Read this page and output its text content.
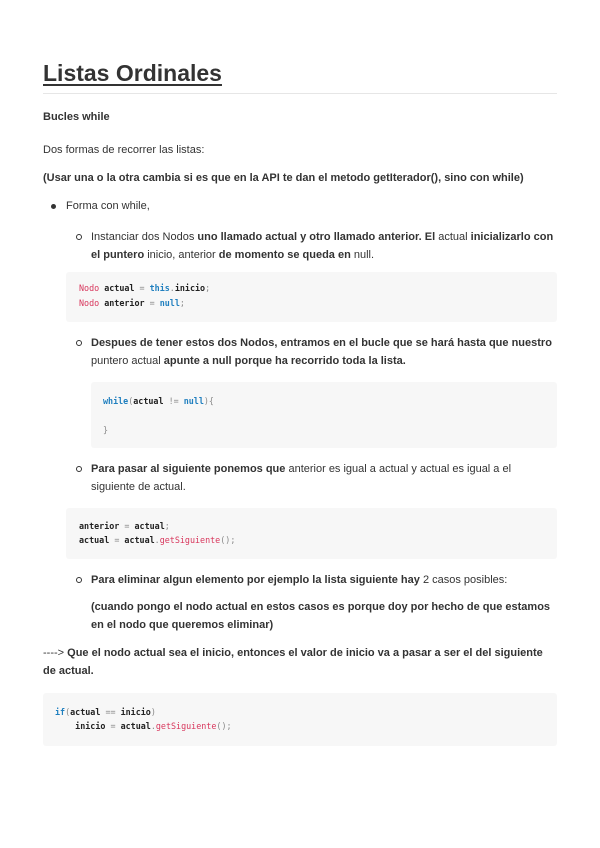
Listas Ordinales
Bucles while

Dos formas de recorrer las listas:

(Usar una o la otra cambia si es que en la API te dan el metodo getIterador(), sino con while)

Forma con while,

Instanciar dos Nodos uno llamado actual y otro llamado anterior. El actual inicializarlo con el puntero inicio, anterior de momento se queda en null.

Nodo actual = this.inicio;
Nodo anterior = null;

Despues de tener estos dos Nodos, entramos en el bucle que se hará hasta que nuestro puntero actual apunte a null porque ha recorrido toda la lista.

while(actual != null){

}

Para pasar al siguiente ponemos que anterior es igual a actual y actual es igual a el siguiente de actual.

anterior = actual;
actual = actual.getSiguiente();

Para eliminar algun elemento por ejemplo la lista siguiente hay 2 casos posibles:

(cuando pongo el nodo actual en estos casos es porque doy por hecho de que estamos en el nodo que queremos eliminar)

----> Que el nodo actual sea el inicio, entonces el valor de inicio va a pasar a ser el del siguiente de actual.

if(actual == inicio)
inicio = actual.getSiguiente();
